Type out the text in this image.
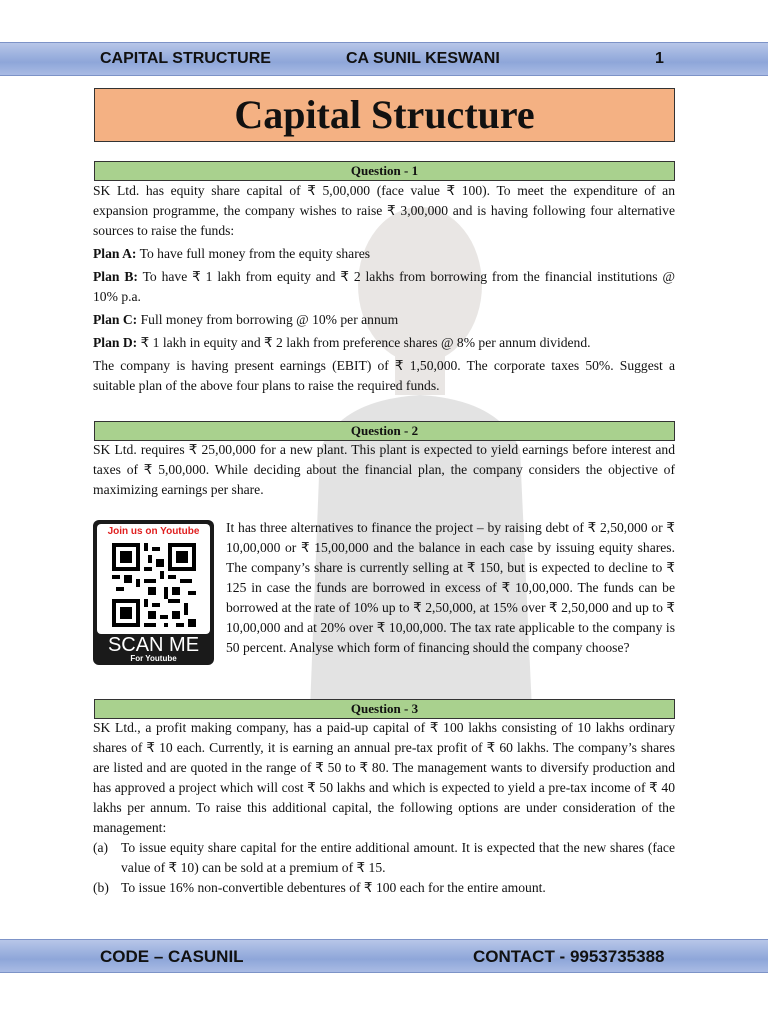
CAPITAL STRUCTURE	CA SUNIL KESWANI	1
Capital Structure
Question - 1

SK Ltd. has equity share capital of ₹ 5,00,000 (face value ₹ 100). To meet the expenditure of an expansion programme, the company wishes to raise ₹ 3,00,000 and is having following four alternative sources to raise the funds:

Plan A: To have full money from the equity shares

Plan B: To have ₹ 1 lakh from equity and ₹ 2 lakhs from borrowing from the financial institutions @ 10% p.a.

Plan C: Full money from borrowing @ 10% per annum

Plan D: ₹ 1 lakh in equity and ₹ 2 lakh from preference shares @ 8% per annum dividend.

The company is having present earnings (EBIT) of ₹ 1,50,000. The corporate taxes 50%. Suggest a suitable plan of the above four plans to raise the required funds.

Question - 2

SK Ltd. requires ₹ 25,00,000 for a new plant. This plant is expected to yield earnings before interest and taxes of ₹ 5,00,000. While deciding about the financial plan, the company considers the objective of maximizing earnings per share.

Join us on Youtube
SCAN ME
For Youtube

It has three alternatives to finance the project – by raising debt of ₹ 2,50,000 or ₹ 10,00,000 or ₹ 15,00,000 and the balance in each case by issuing equity shares. The company’s share is currently selling at ₹ 150, but is expected to decline to ₹ 125 in case the funds are borrowed in excess of ₹ 10,00,000. The funds can be borrowed at the rate of 10% up to ₹ 2,50,000, at 15% over ₹ 2,50,000 and up to ₹ 10,00,000 and at 20% over ₹ 10,00,000. The tax rate applicable to the company is 50 percent. Analyse which form of financing should the company choose?

Question - 3

SK Ltd., a profit making company, has a paid-up capital of ₹ 100 lakhs consisting of 10 lakhs ordinary shares of ₹ 10 each. Currently, it is earning an annual pre-tax profit of ₹ 60 lakhs. The company’s shares are listed and are quoted in the range of ₹ 50 to ₹ 80. The management wants to diversify production and has approved a project which will cost ₹ 50 lakhs and which is expected to yield a pre-tax income of ₹ 40 lakhs per annum. To raise this additional capital, the following options are under consideration of the management:

(a) To issue equity share capital for the entire additional amount. It is expected that the new shares (face value of ₹ 10) can be sold at a premium of ₹ 15.
(b) To issue 16% non-convertible debentures of ₹ 100 each for the entire amount.
CODE – CASUNIL	CONTACT - 9953735388
